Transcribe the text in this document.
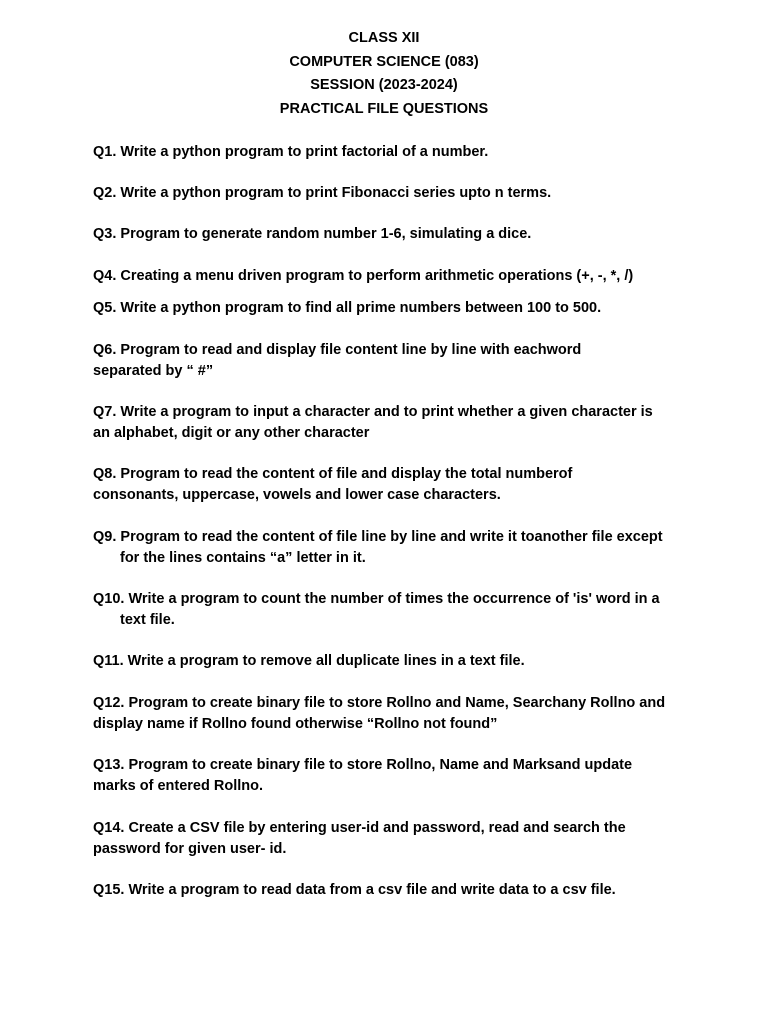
CLASS XII
COMPUTER SCIENCE (083)
SESSION (2023-2024)
PRACTICAL FILE QUESTIONS
Q1. Write a python program to print factorial of a number.
Q2. Write a python program to print Fibonacci series upto n terms.
Q3. Program to generate random number 1-6, simulating a dice.
Q4. Creating a menu driven program to perform arithmetic operations (+, -, *, /)
Q5. Write a python program to find all prime numbers between 100 to 500.
Q6. Program to read and display file content line by line with eachword
separated by “ #”
Q7. Write a program to input a character and to print whether a given character is
an alphabet, digit or any other character
Q8. Program to read the content of file and display the total numberof
consonants, uppercase, vowels and lower case characters.
Q9. Program to read the content of file line by line and write it toanother file except
for the lines contains “a” letter in it.
Q10. Write a program to count the number of times the occurrence of 'is' word in a
text file.
Q11. Write a program to remove all duplicate lines in a text file.
Q12. Program to create binary file to store Rollno and Name, Searchany Rollno and
display name if Rollno found otherwise “Rollno not found”
Q13. Program to create binary file to store Rollno, Name and Marksand update
marks of entered Rollno.
Q14. Create a CSV file by entering user-id and password, read and search the
password for given user- id.
Q15. Write a program to read data from a csv file and write data to a csv file.
